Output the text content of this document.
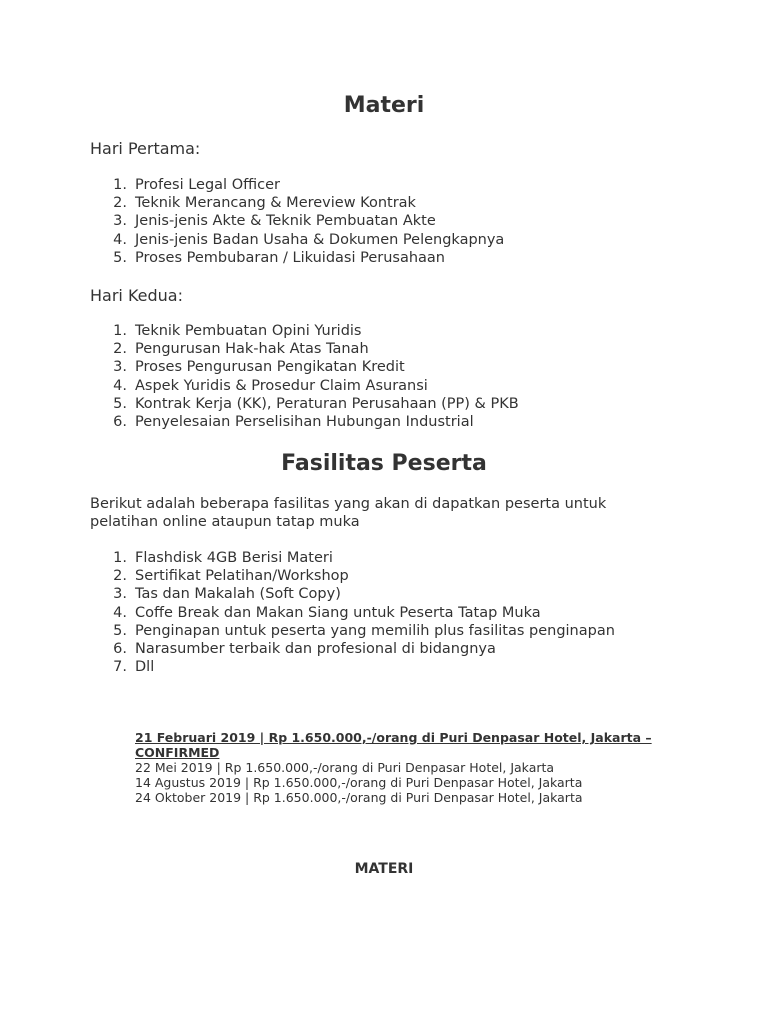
Materi

Hari Pertama:

1. Profesi Legal Officer
2. Teknik Merancang & Mereview Kontrak
3. Jenis-jenis Akte & Teknik Pembuatan Akte
4. Jenis-jenis Badan Usaha & Dokumen Pelengkapnya
5. Proses Pembubaran / Likuidasi Perusahaan

Hari Kedua:

1. Teknik Pembuatan Opini Yuridis
2. Pengurusan Hak-hak Atas Tanah
3. Proses Pengurusan Pengikatan Kredit
4. Aspek Yuridis & Prosedur Claim Asuransi
5. Kontrak Kerja (KK), Peraturan Perusahaan (PP) & PKB
6. Penyelesaian Perselisihan Hubungan Industrial
Fasilitas Peserta

Berikut adalah beberapa fasilitas yang akan di dapatkan peserta untuk pelatihan online ataupun tatap muka

1. Flashdisk 4GB Berisi Materi
2. Sertifikat Pelatihan/Workshop
3. Tas dan Makalah (Soft Copy)
4. Coffe Break dan Makan Siang untuk Peserta Tatap Muka
5. Penginapan untuk peserta yang memilih plus fasilitas penginapan
6. Narasumber terbaik dan profesional di bidangnya
7. Dll
21 Februari 2019 | Rp 1.650.000,-/orang di Puri Denpasar Hotel, Jakarta – CONFIRMED
22 Mei 2019 | Rp 1.650.000,-/orang di Puri Denpasar Hotel, Jakarta
14 Agustus 2019 | Rp 1.650.000,-/orang di Puri Denpasar Hotel, Jakarta
24 Oktober 2019 | Rp 1.650.000,-/orang di Puri Denpasar Hotel, Jakarta
MATERI
